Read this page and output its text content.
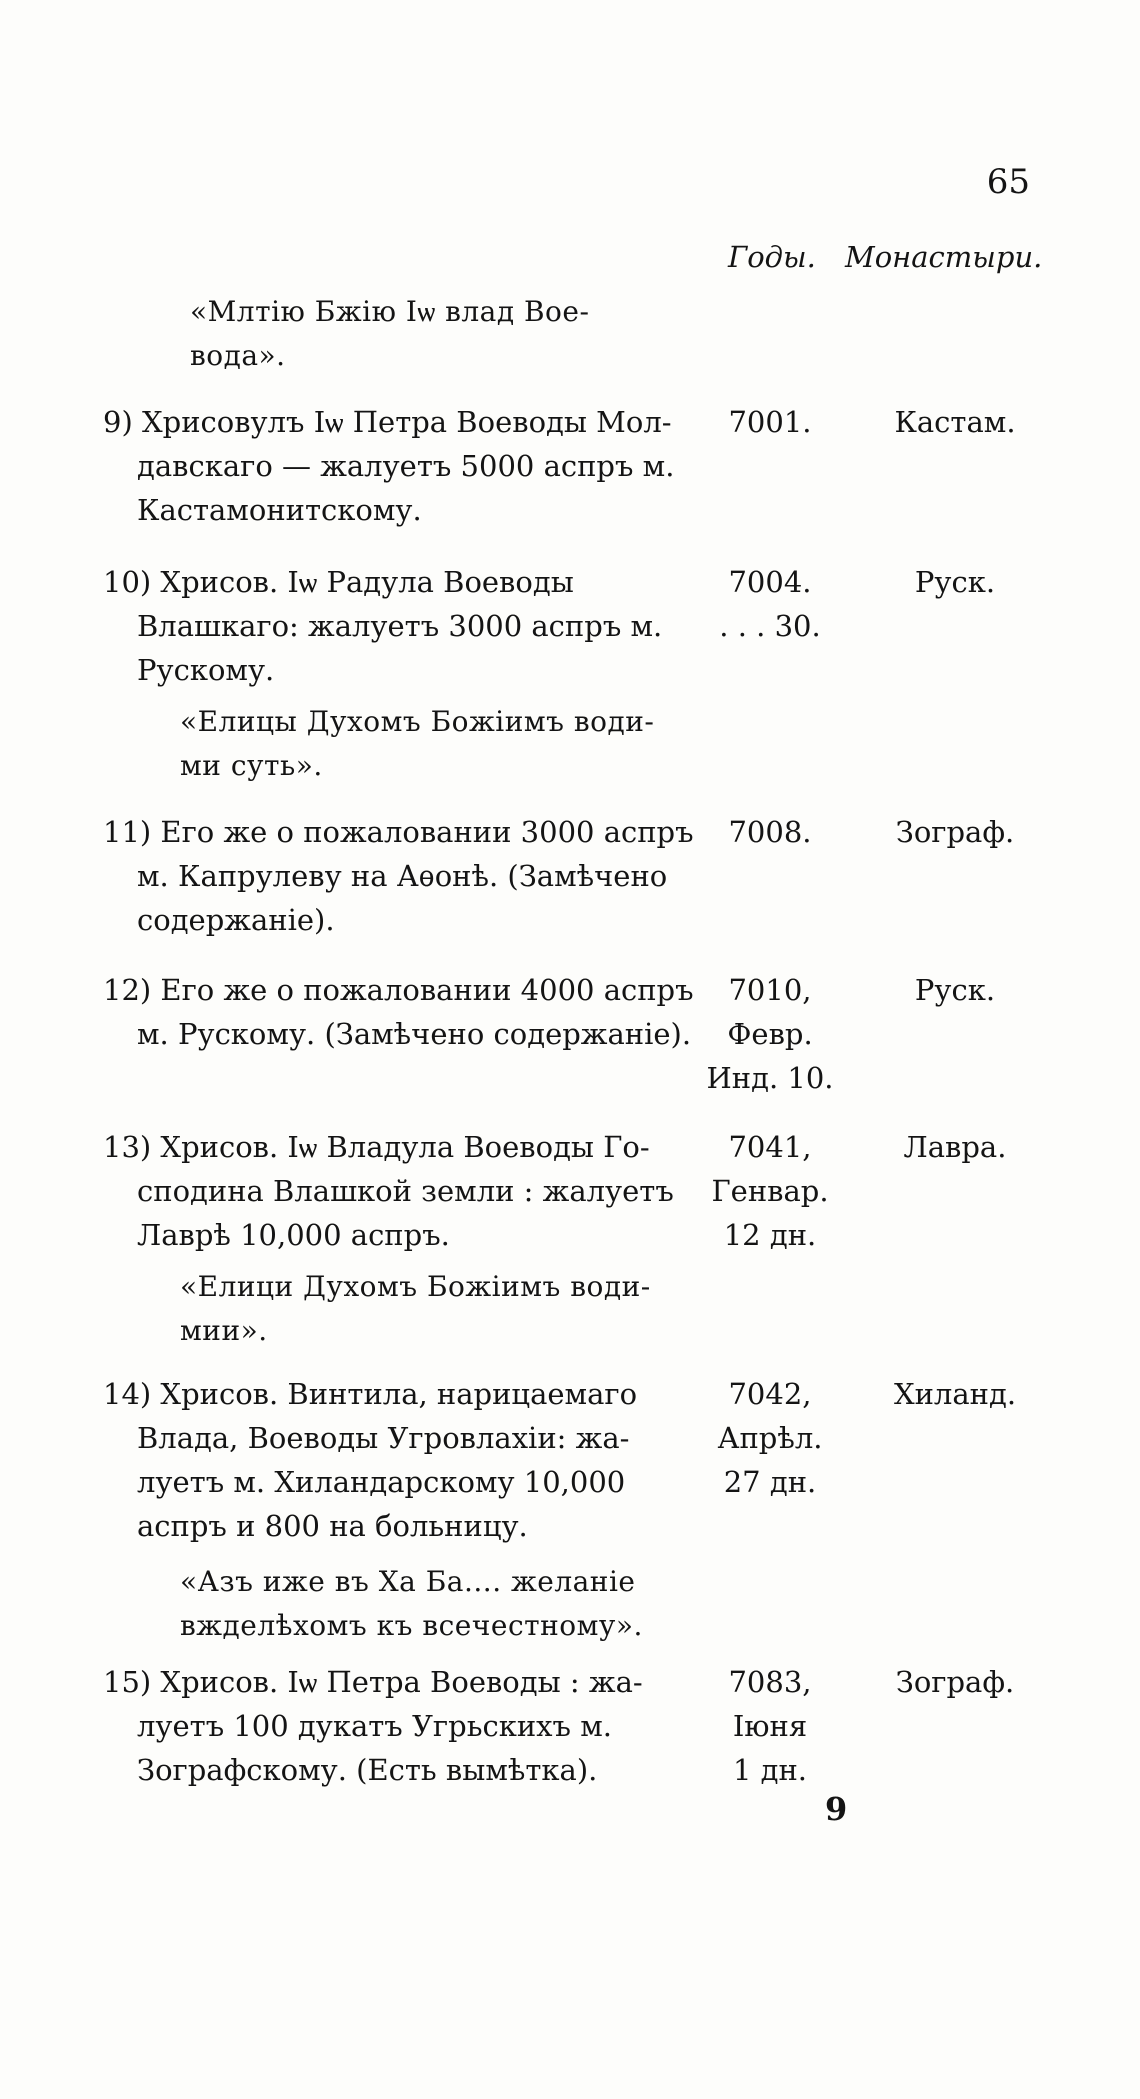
65
Годы. Монастыри.
«Млтію Бжію Іѡ влад Вое-
вода».
9) Хрисовулъ Іѡ Петра Воеводы Мол-
давскаго — жалуетъ 5000 аспръ м.
Кастамонитскому.
7001.	Кастам.
10) Хрисов. Іѡ Радула Воеводы
Влашкаго: жалуетъ 3000 аспръ м.
Рускому.
«Елицы Духомъ Божіимъ води-
ми суть».
7004.
. . . 30.
Руск.
11) Его же о пожаловании 3000 аспръ
м. Капрулеву на Аѳонѣ. (Замѣчено
содержаніе).
7008.	Зограф.
12) Его же о пожаловании 4000 аспръ
м. Рускому. (Замѣчено содержаніе).
7010,
Февр.
Инд. 10.
Руск.
13) Хрисов. Іѡ Владула Воеводы Го-
сподина Влашкой земли : жалуетъ
Лаврѣ 10,000 аспръ.
«Елици Духомъ Божіимъ води-
мии».
7041,
Генвар.
12 дн.
Лавра.
14) Хрисов. Винтила, нарицаемаго
Влада, Воеводы Угровлахіи: жа-
луетъ м. Хиландарскому 10,000
аспръ и 800 на больницу.
«Азъ иже въ Ха Ба.... желаніе
вжделѣхомъ къ всечестному».
7042,
Апрѣл.
27 дн.
Хиланд.
15) Хрисов. Іѡ Петра Воеводы : жа-
луетъ 100 дукатъ Угрьскихъ м.
Зографскому. (Есть вымѣтка).
7083,
Іюня
1 дн.
Зограф.
9
